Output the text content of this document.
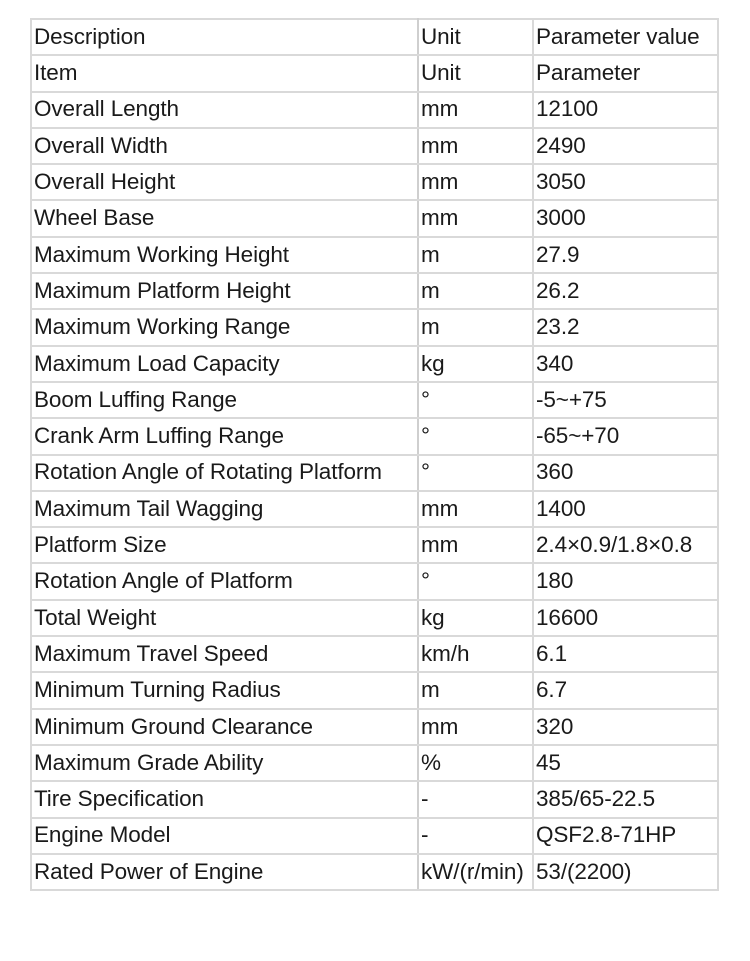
Description	Unit	Parameter value
Item	Unit	Parameter
Overall Length	mm	12100
Overall Width	mm	2490
Overall Height	mm	3050
Wheel Base	mm	3000
Maximum Working Height	m	27.9
Maximum Platform Height	m	26.2
Maximum Working Range	m	23.2
Maximum Load Capacity	kg	340
Boom Luffing Range	°	-5~+75
Crank Arm Luffing Range	°	-65~+70
Rotation Angle of Rotating Platform	°	360
Maximum Tail Wagging	mm	1400
Platform Size	mm	2.4×0.9/1.8×0.8
Rotation Angle of Platform	°	180
Total Weight	kg	16600
Maximum Travel Speed	km/h	6.1
Minimum Turning Radius	m	6.7
Minimum Ground Clearance	mm	320
Maximum Grade Ability	%	45
Tire Specification	-	385/65-22.5
Engine Model	-	QSF2.8-71HP
Rated Power of Engine	kW/(r/min)	53/(2200)
